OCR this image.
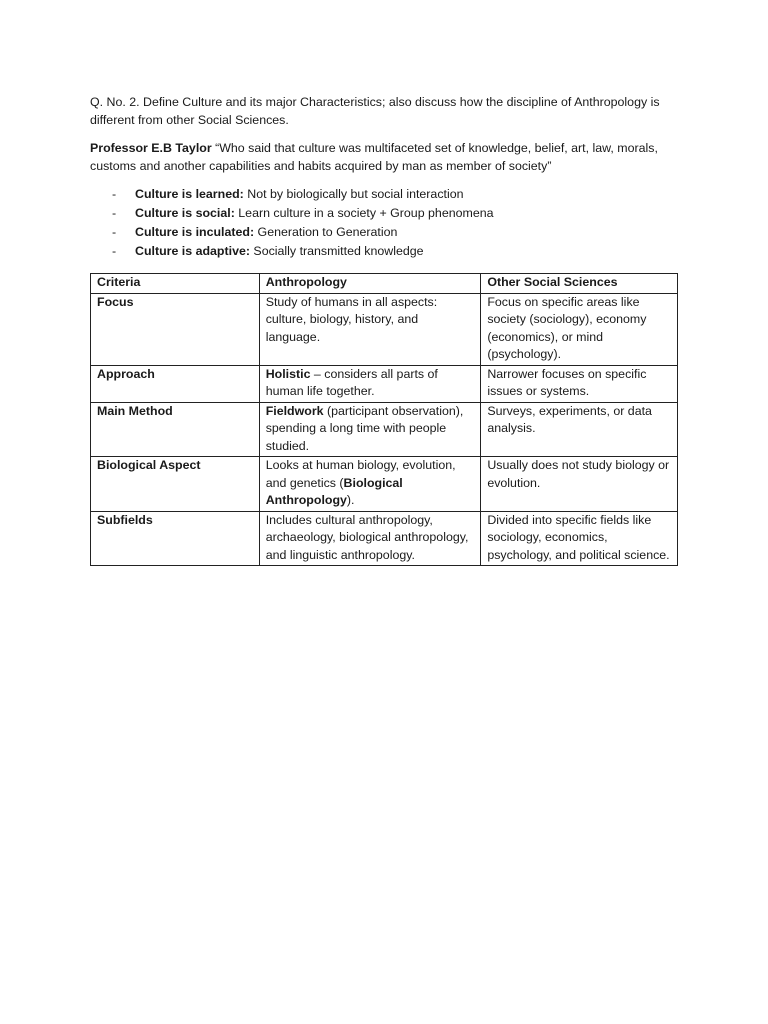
Q. No. 2. Define Culture and its major Characteristics; also discuss how the discipline of Anthropology is different from other Social Sciences.

Professor E.B Taylor “Who said that culture was multifaceted set of knowledge, belief, art, law, morals, customs and another capabilities and habits acquired by man as member of society”

- Culture is learned: Not by biologically but social interaction
- Culture is social: Learn culture in a society + Group phenomena
- Culture is inculated: Generation to Generation
- Culture is adaptive: Socially transmitted knowledge
Criteria	Anthropology	Other Social Sciences
Focus	Study of humans in all aspects: culture, biology, history, and language.	Focus on specific areas like society (sociology), economy (economics), or mind (psychology).
Approach	Holistic – considers all parts of human life together.	Narrower focuses on specific issues or systems.
Main Method	Fieldwork (participant observation), spending a long time with people studied.	Surveys, experiments, or data analysis.
Biological Aspect	Looks at human biology, evolution, and genetics (Biological Anthropology).	Usually does not study biology or evolution.
Subfields	Includes cultural anthropology, archaeology, biological anthropology, and linguistic anthropology.	Divided into specific fields like sociology, economics, psychology, and political science.
